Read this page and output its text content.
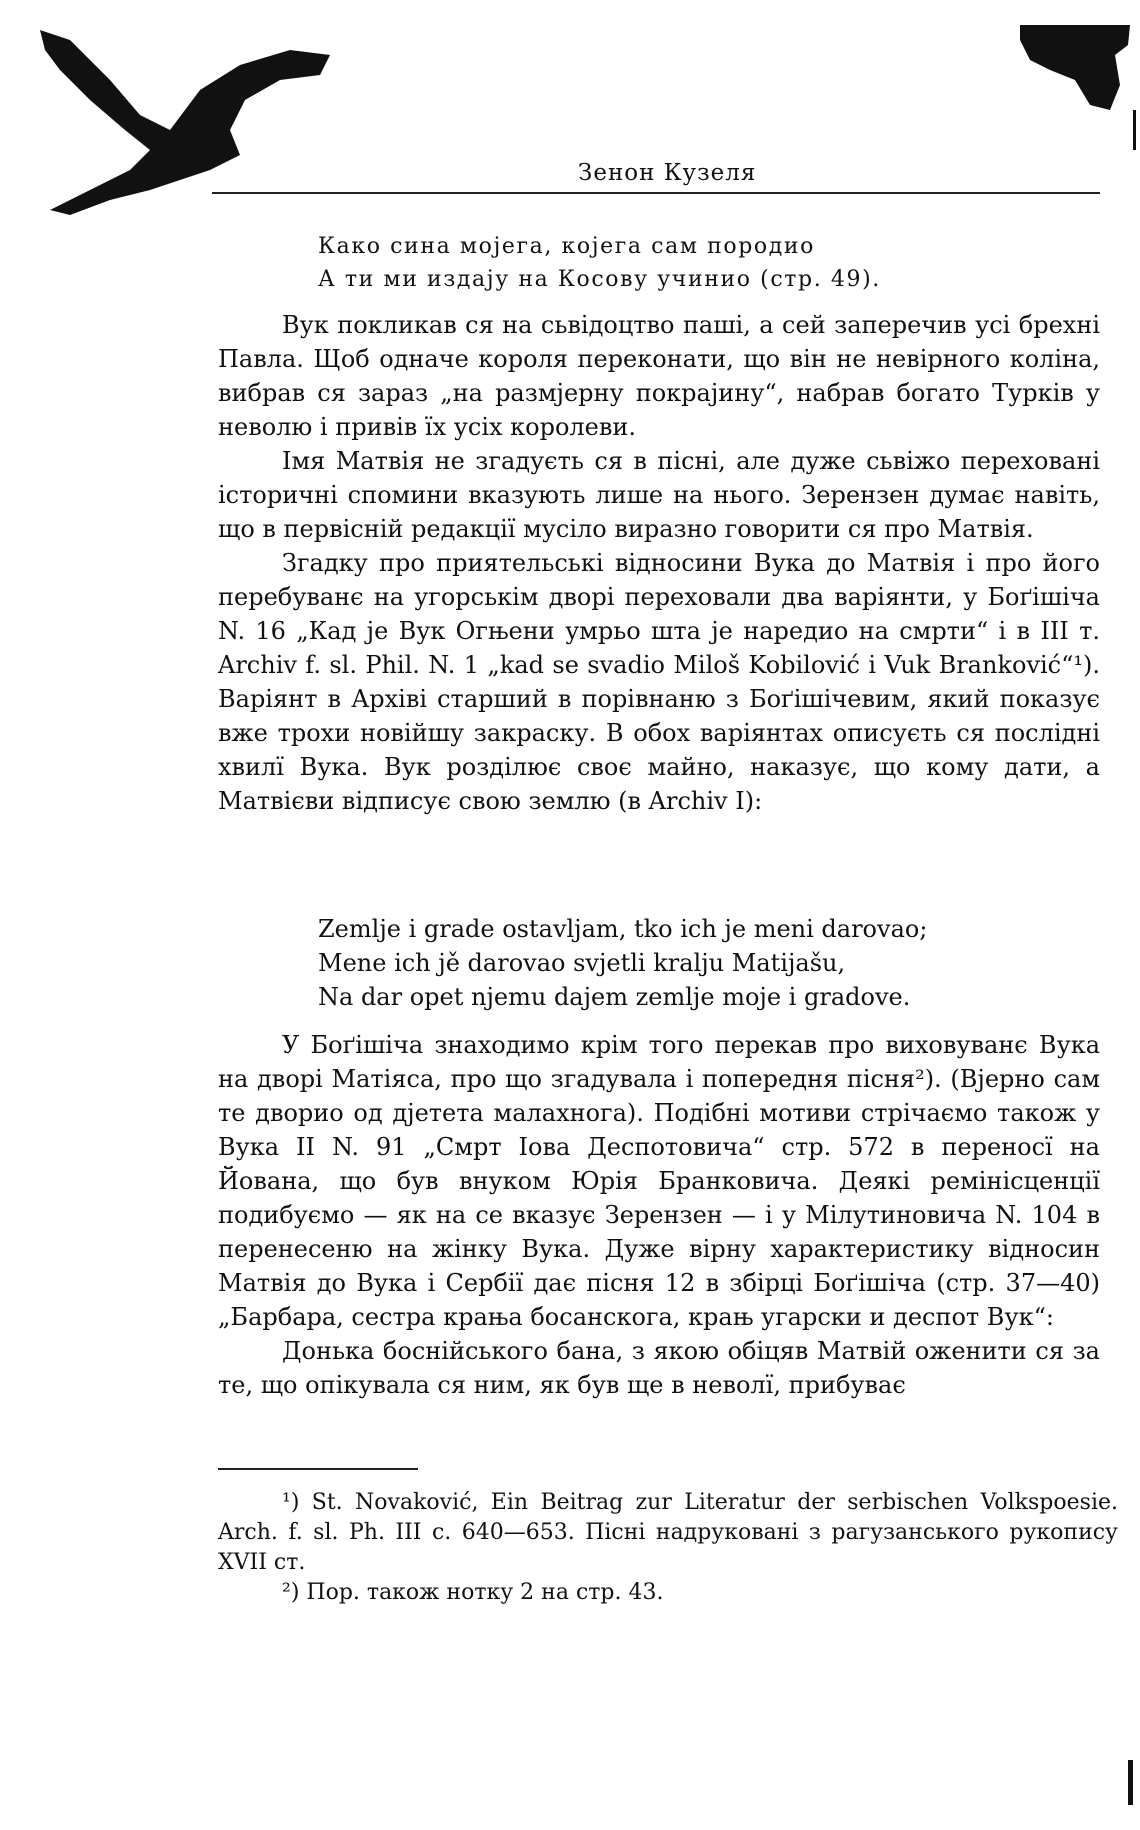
Зенон Кузеля
Како сина мојега, којега сам породио
А ти ми издају на Косову учинио (стр. 49).

Вук покликав ся на сьвідоцтво паші, а сей заперечив усі брехні Павла. Щоб одначе короля переконати, що він не невірного коліна, вибрав ся зараз „на размјерну покрајину“, набрав богато Турків у неволю і привів їх усіх королеви.

Імя Матвія не згадуєть ся в пісні, але дуже сьвіжо переховані історичні спомини вказують лише на нього. Зерензен думає навіть, що в первісній редакції мусіло виразно говорити ся про Матвія.

Згадку про приятельські відносини Вука до Матвія і про його перебуванє на угорськім дворі переховали два варіянти, у Боґішіча N. 16 „Кад је Вук Огњени умрьо шта је наредио на смрти“ і в III т. Archiv f. sl. Phil. N. 1 „kad se svadio Miloš Kobilović i Vuk Branković“¹). Варіянт в Архіві старший в порівнаню з Боґішічевим, який показує вже трохи новійшу закраску. В обох варіянтах описуєть ся послідні хвилї Вука. Вук розділює своє майно, наказує, що кому дати, а Матвієви відписує свою землю (в Archiv I):

Zemlje i grade ostavljam, tko ich je meni darovao;
Mene ich jě darovao svjetli kralju Matijašu,
Na dar opet njemu dajem zemlje moje i gradove.

У Боґішіча знаходимо крім того перекав про виховуванє Вука на дворі Матіяса, про що згадувала і попередня пісня²). (Вјерно сам те дворио од дјетета малахнога). Подібні мотиви стрічаємо також у Вука II N. 91 „Смрт Іова Деспотовича“ стр. 572 в переносї на Йована, що був внуком Юрія Бранковича. Деякі ремінісценції подибуємо — як на се вказує Зерензен — і у Мілутиновича N. 104 в перенесеню на жінку Вука. Дуже вірну характеристику відносин Матвія до Вука і Сербії дає пісня 12 в збірці Боґішіча (стр. 37—40) „Барбара, сестра крања босанскога, крањ угарски и деспот Вук“:

Донька боснійського бана, з якою обіцяв Матвій оженити ся за те, що опікувала ся ним, як був ще в неволї, прибуває

¹) St. Novaković, Ein Beitrag zur Literatur der serbischen Volkspoesie. Arch. f. sl. Ph. III c. 640—653. Пісні надруковані з рагузанського рукопису XVII ст.

²) Пор. також нотку 2 на стр. 43.
